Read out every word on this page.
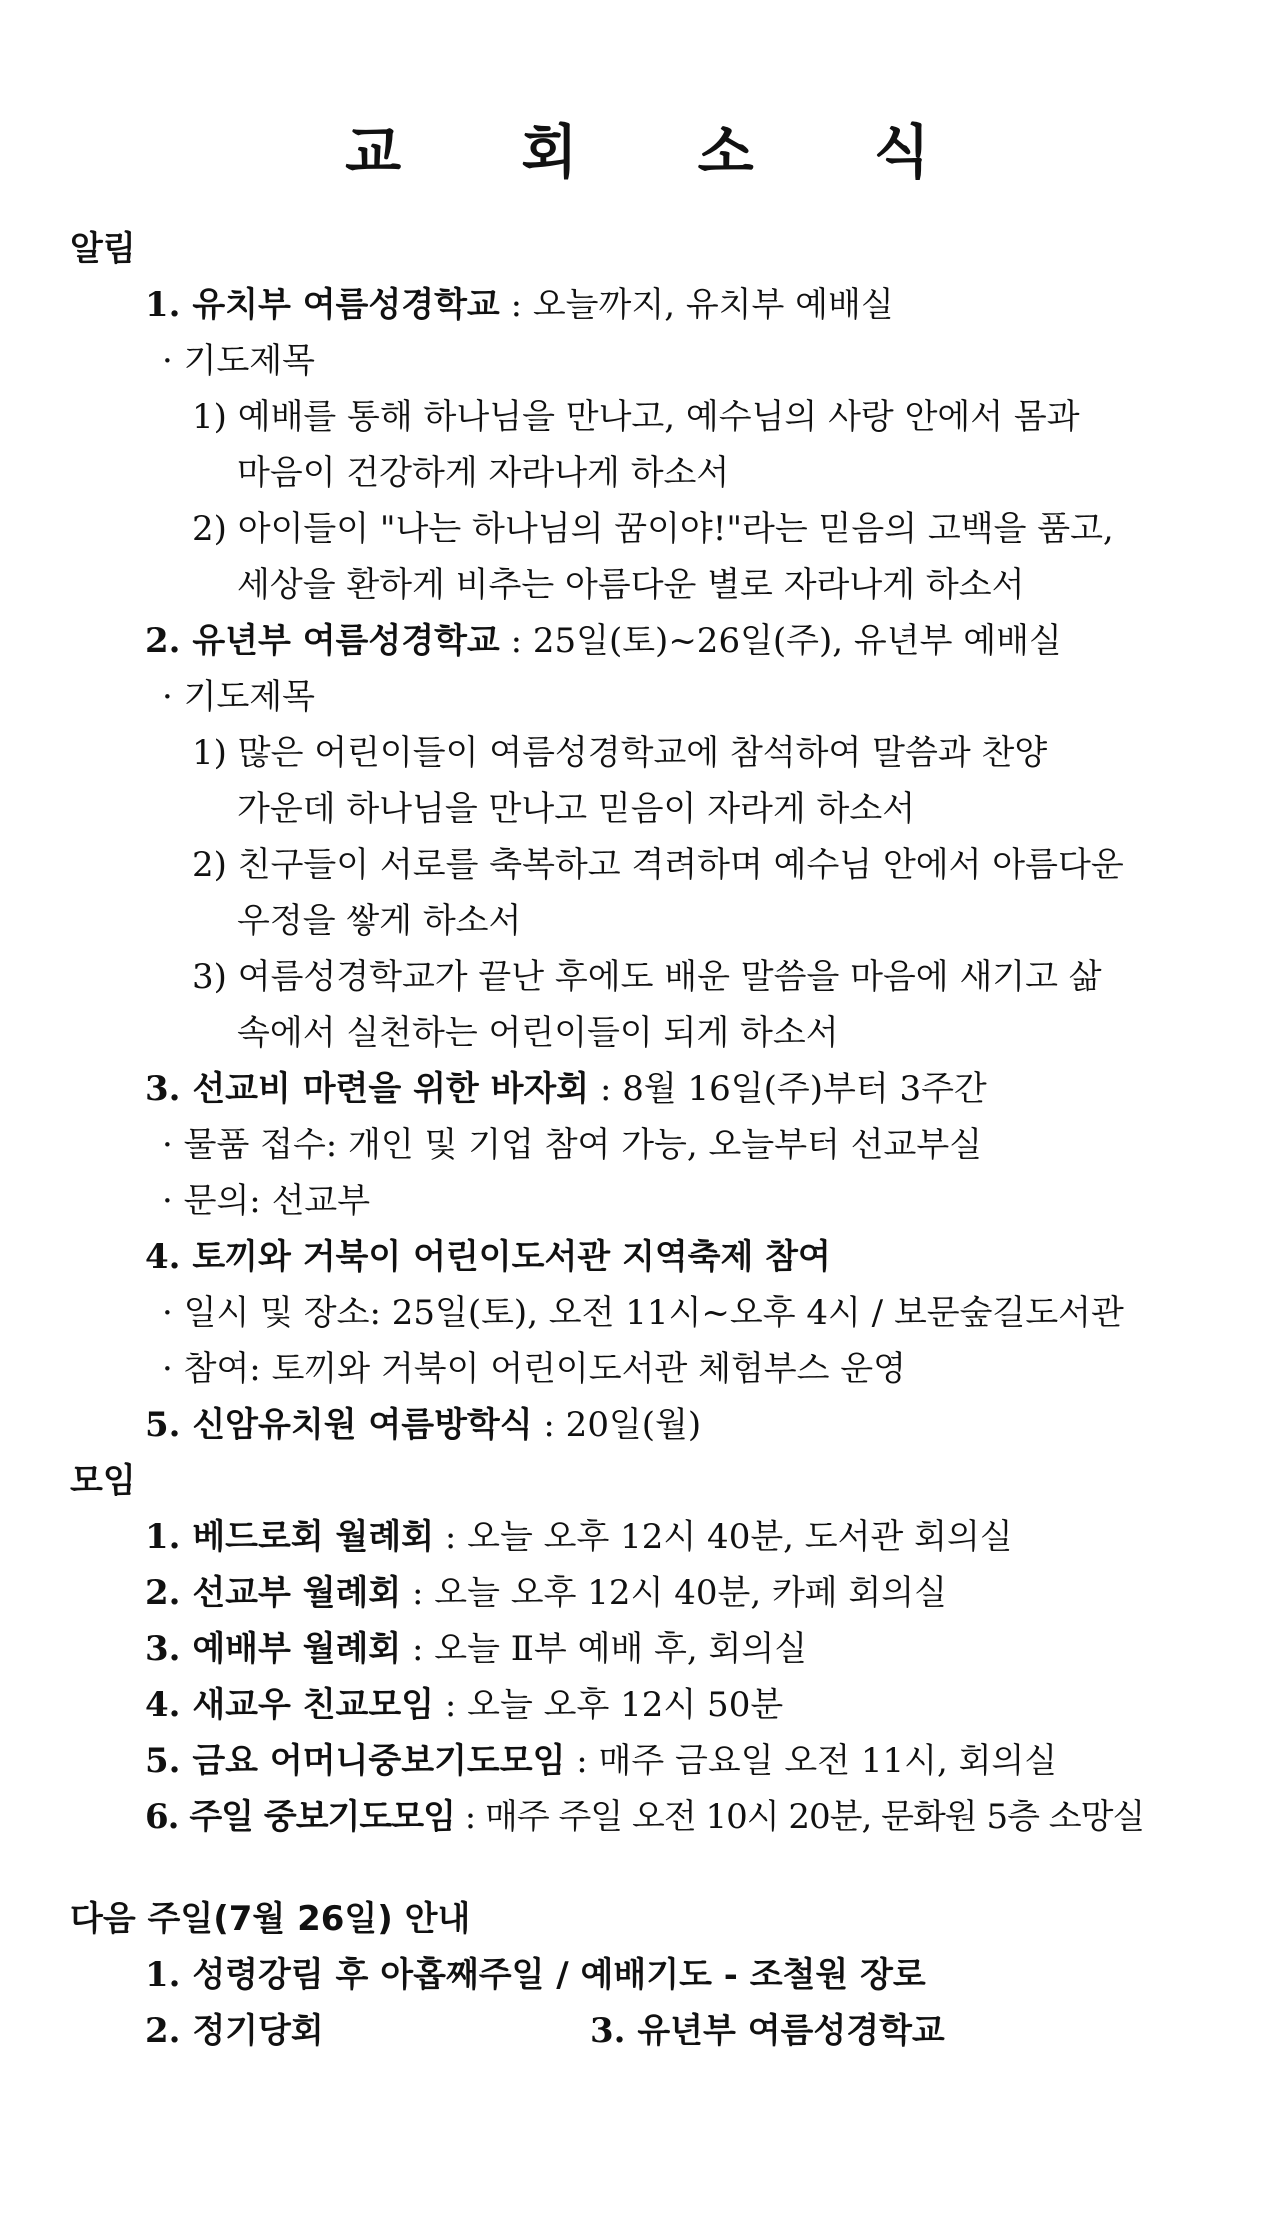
교 회 소 식
알림
1. 유치부 여름성경학교 : 오늘까지, 유치부 예배실
· 기도제목
1) 예배를 통해 하나님을 만나고, 예수님의 사랑 안에서 몸과
마음이 건강하게 자라나게 하소서
2) 아이들이 "나는 하나님의 꿈이야!"라는 믿음의 고백을 품고,
세상을 환하게 비추는 아름다운 별로 자라나게 하소서
2. 유년부 여름성경학교 : 25일(토)~26일(주), 유년부 예배실
· 기도제목
1) 많은 어린이들이 여름성경학교에 참석하여 말씀과 찬양
가운데 하나님을 만나고 믿음이 자라게 하소서
2) 친구들이 서로를 축복하고 격려하며 예수님 안에서 아름다운
우정을 쌓게 하소서
3) 여름성경학교가 끝난 후에도 배운 말씀을 마음에 새기고 삶
속에서 실천하는 어린이들이 되게 하소서
3. 선교비 마련을 위한 바자회 : 8월 16일(주)부터 3주간
· 물품 접수: 개인 및 기업 참여 가능, 오늘부터 선교부실
· 문의: 선교부
4. 토끼와 거북이 어린이도서관 지역축제 참여
· 일시 및 장소: 25일(토), 오전 11시~오후 4시 / 보문숲길도서관
· 참여: 토끼와 거북이 어린이도서관 체험부스 운영
5. 신암유치원 여름방학식 : 20일(월)
모임
1. 베드로회 월례회 : 오늘 오후 12시 40분, 도서관 회의실
2. 선교부 월례회 : 오늘 오후 12시 40분, 카페 회의실
3. 예배부 월례회 : 오늘 Ⅱ부 예배 후, 회의실
4. 새교우 친교모임 : 오늘 오후 12시 50분
5. 금요 어머니중보기도모임 : 매주 금요일 오전 11시, 회의실
6. 주일 중보기도모임 : 매주 주일 오전 10시 20분, 문화원 5층 소망실
다음 주일(7월 26일) 안내
1. 성령강림 후 아홉째주일 / 예배기도 - 조철원 장로
2. 정기당회	3. 유년부 여름성경학교
